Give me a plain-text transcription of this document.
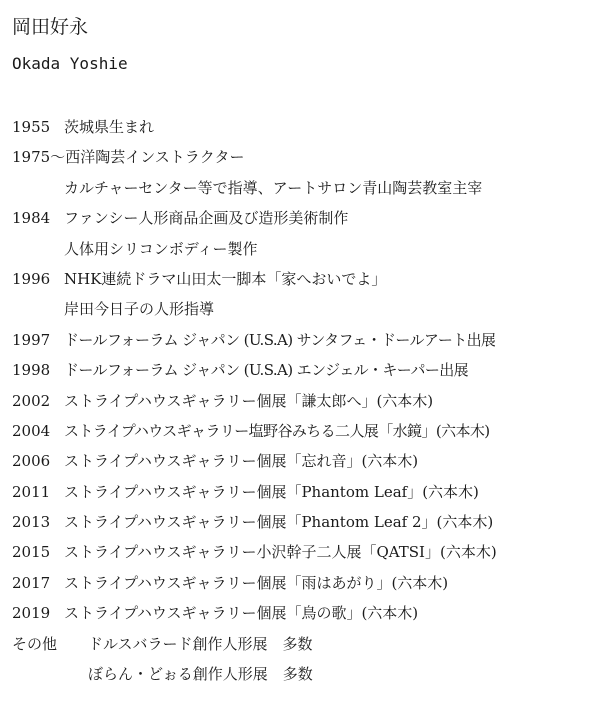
岡田好永
Okada Yoshie
1955 茨城県生まれ
1975〜 西洋陶芸インストラクター
カルチャーセンター等で指導、アートサロン青山陶芸教室主宰
1984 ファンシー人形商品企画及び造形美術制作
人体用シリコンボディー製作
1996 NHK連続ドラマ山田太一脚本「家へおいでよ」
岸田今日子の人形指導
1997 ドールフォーラム ジャパン (U.S.A) サンタフェ・ドールアート出展
1998 ドールフォーラム ジャパン (U.S.A) エンジェル・キーパー出展
2002 ストライプハウスギャラリー個展「謙太郎へ」(六本木)
2004 ストライプハウスギャラリー塩野谷みちる二人展「水鏡」(六本木)
2006 ストライプハウスギャラリー個展「忘れ音」(六本木)
2011 ストライプハウスギャラリー個展「Phantom Leaf」(六本木)
2013 ストライプハウスギャラリー個展「Phantom Leaf 2」(六本木)
2015 ストライプハウスギャラリー小沢幹子二人展「QATSI」(六本木)
2017 ストライプハウスギャラリー個展「雨はあがり」(六本木)
2019 ストライプハウスギャラリー個展「鳥の歌」(六本木)
その他	ドルスバラード創作人形展　多数
ぼらん・どぉる創作人形展　多数
